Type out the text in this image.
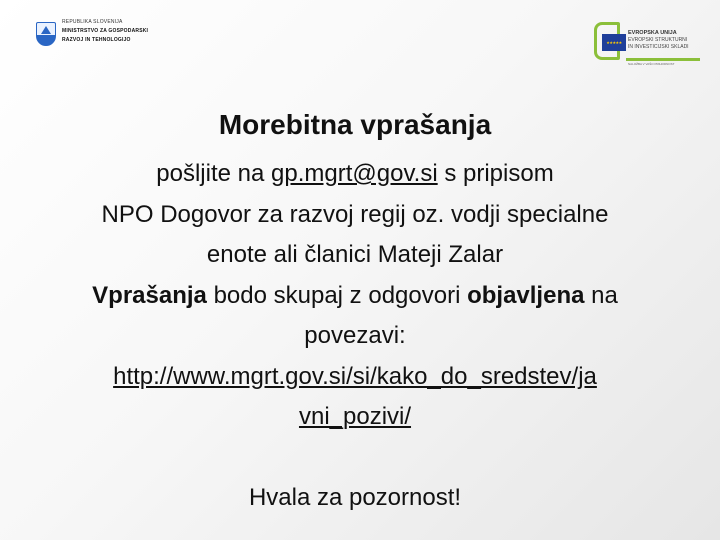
REPUBLIKA SLOVENIJA
MINISTRSTVO ZA GOSPODARSKI
RAZVOJ IN TEHNOLOGIJO	★★★★★
EVROPSKA UNIJA
EVROPSKI STRUKTURNI
IN INVESTICIJSKI SKLADI
NALOŽBA V VAŠO PRIHODNOST
Morebitna vprašanja

pošljite na gp.mgrt@gov.si s pripisom

NPO Dogovor za razvoj regij oz. vodji specialne

enote ali članici Mateji Zalar

Vprašanja bodo skupaj z odgovori objavljena na

povezavi:

http://www.mgrt.gov.si/si/kako_do_sredstev/ja

vni_pozivi/

Hvala za pozornost!
